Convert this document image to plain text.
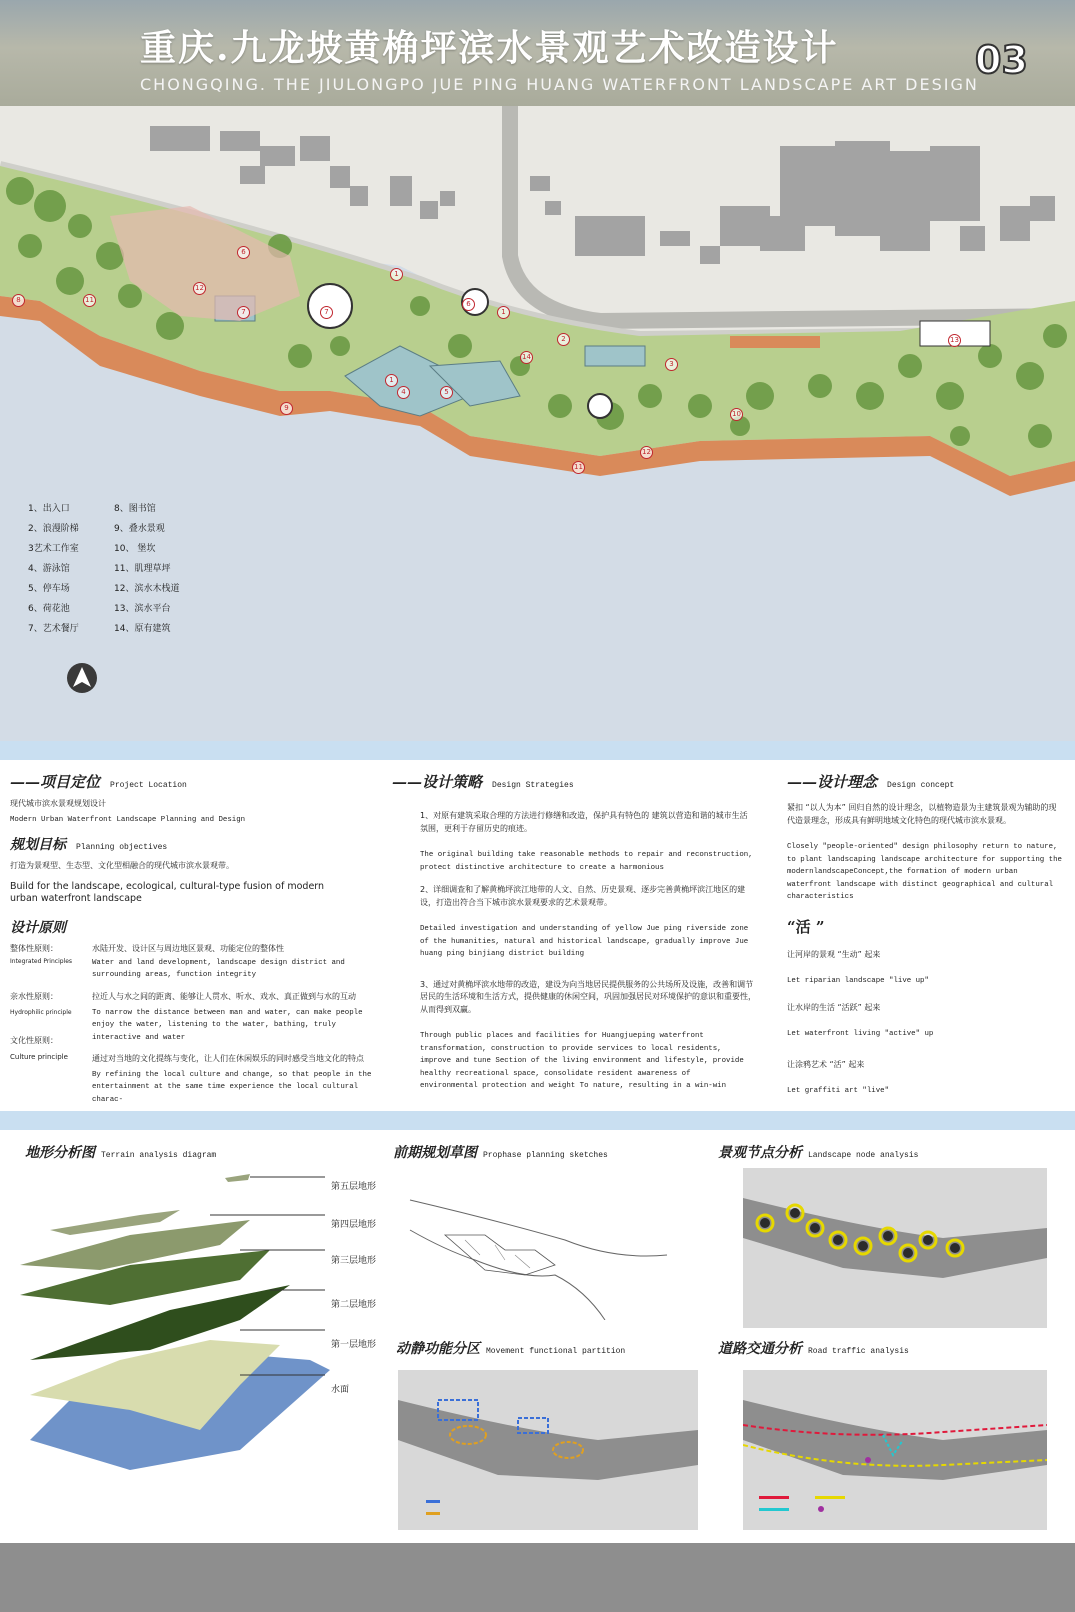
重庆.九龙坡黄桷坪滨水景观艺术改造设计
CHONGQING. THE JIULONGPO JUE PING HUANG WATERFRONT LANDSCAPE ART DESIGN
03
1、出入口
2、浪漫阶梯
3艺术工作室
4、游泳馆
5、停车场
6、荷花池
7、艺术餐厅
8、图书馆
9、叠水景观
10、 堡坎
11、肌理草坪
12、滨水木栈道
13、滨水平台
14、原有建筑
1
1
1
2
3
4	5
6
6
7
7
8
9
10
11
11
12
12
13
14
——项目定位 Project Location
现代城市滨水景观规划设计
Modern Urban Waterfront Landscape Planning and Design
规划目标 Planning objectives
打造为景观型、生态型、文化型相融合的现代城市滨水景观带。
Build for the landscape, ecological, cultural-type fusion of modern urban waterfront landscape
设计原则
整体性原则：
Integrated Principles
水陆开发、设计区与周边地区景观、功能定位的整体性
Water and land development, landscape design district and surrounding areas, function integrity
亲水性原则：
Hydrophilic principle
拉近人与水之间的距离、能够让人贯水、听水、戏水、真正做到与水的互动
To narrow the distance between man and water, can make people enjoy the water, listening to the water, bathing, truly interactive and water
文化性原则：
Culture principle	通过对当地的文化提练与变化，让人们在休闲娱乐的同时感受当地文化的特点
By refining the local culture and change, so that people in the entertainment at the same time experience the local cultural charac-
——设计策略 Design Strategies
1、对原有建筑采取合理的方法进行修缮和改造，保护具有特色的 建筑以营造和谐的城市生活氛围，更利于存留历史的痕迹。
The original building take reasonable methods to repair and reconstruction, protect distinctive architecture to create a harmonious
2、详细调查和了解黄桷坪滨江地带的人文、自然、历史景观、逐步完善黄桷坪滨江地区的建设，打造出符合当下城市滨水景观要求的艺术景观带。
Detailed investigation and understanding of yellow Jue ping riverside zone of the humanities, natural and historical landscape, gradually improve Jue huang ping binjiang district building
3、通过对黄桷坪滨水地带的改造，建设为向当地居民提供服务的公共场所及设施，改善和调节居民的生活环境和生活方式，提供健康的休闲空间，巩固加强居民对环境保护的意识和重要性，从而得到双赢。
Through public places and facilities for Huangjueping waterfront transformation, construction to provide services to local residents, improve and tune Section of the living environment and lifestyle, provide healthy recreational space, consolidate resident awareness of environmental protection and weight To nature, resulting in a win-win
——设计理念 Design concept
紧扣 “以人为本” 回归自然的设计理念，以植物造景为主建筑景观为辅助的现代造景理念，形成具有鲜明地域文化特色的现代城市滨水景观。
Closely "people-oriented" design philosophy return to nature, to plant landscaping landscape architecture for supporting the modernlandscapeConcept,the formation of modern urban waterfront landscape with distinct geographical and cultural characteristics
“活 ”
让河岸的景观 “生动” 起来
Let riparian landscape "live up"
让水岸的生活 “活跃” 起来
Let waterfront living "active" up
让涂鸦艺术 “活” 起来
Let graffiti art "live"
地形分析图 Terrain analysis diagram
第五层地形
第四层地形
第三层地形
第二层地形
第一层地形
水面
前期规划草图 Prophase planning sketches	景观节点分析 Landscape node analysis
动静功能分区 Movement functional partition	道路交通分析 Road traffic analysis
